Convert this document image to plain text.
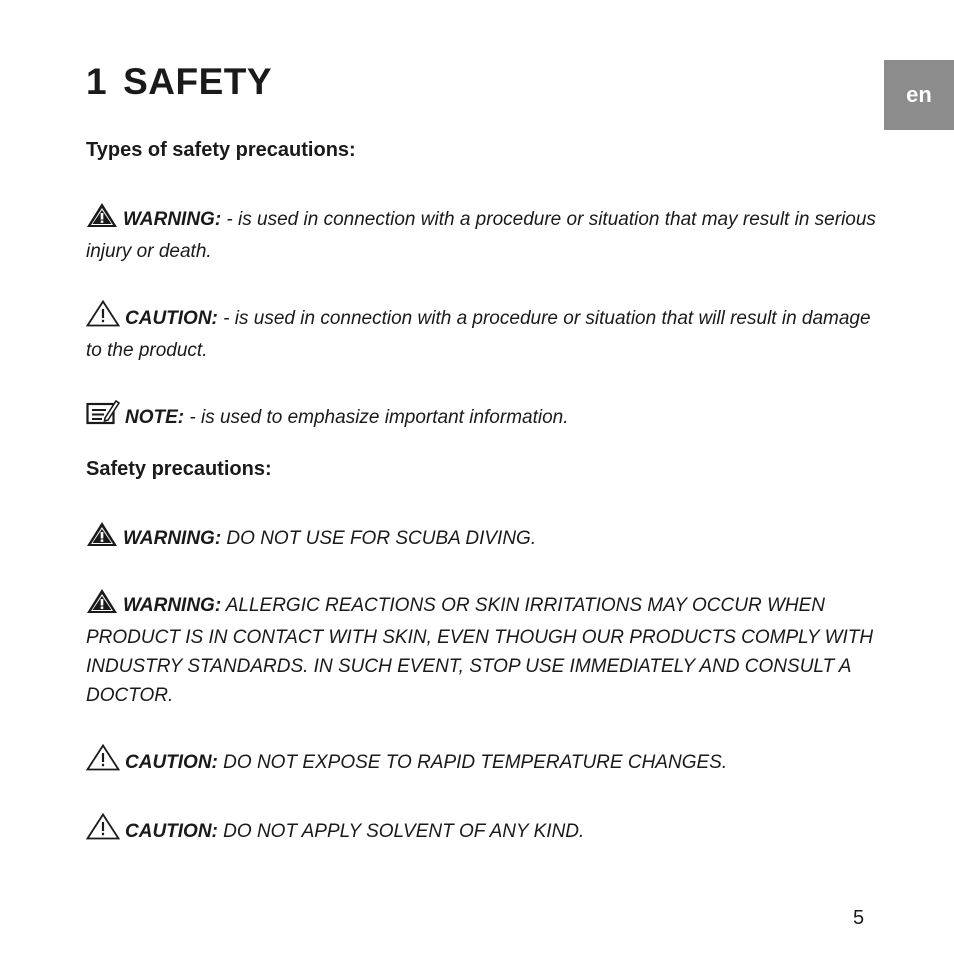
1 SAFETY	en
Types of safety precautions:

WARNING: - is used in connection with a procedure or situation that may result in serious injury or death.

CAUTION: - is used in connection with a procedure or situation that will result in damage to the product.

NOTE: - is used to emphasize important information.

Safety precautions:

WARNING: DO NOT USE FOR SCUBA DIVING.

WARNING: ALLERGIC REACTIONS OR SKIN IRRITATIONS MAY OCCUR WHEN PRODUCT IS IN CONTACT WITH SKIN, EVEN THOUGH OUR PRODUCTS COMPLY WITH INDUSTRY STANDARDS. IN SUCH EVENT, STOP USE IMMEDIATELY AND CONSULT A DOCTOR.

CAUTION: DO NOT EXPOSE TO RAPID TEMPERATURE CHANGES.

CAUTION: DO NOT APPLY SOLVENT OF ANY KIND.

5
